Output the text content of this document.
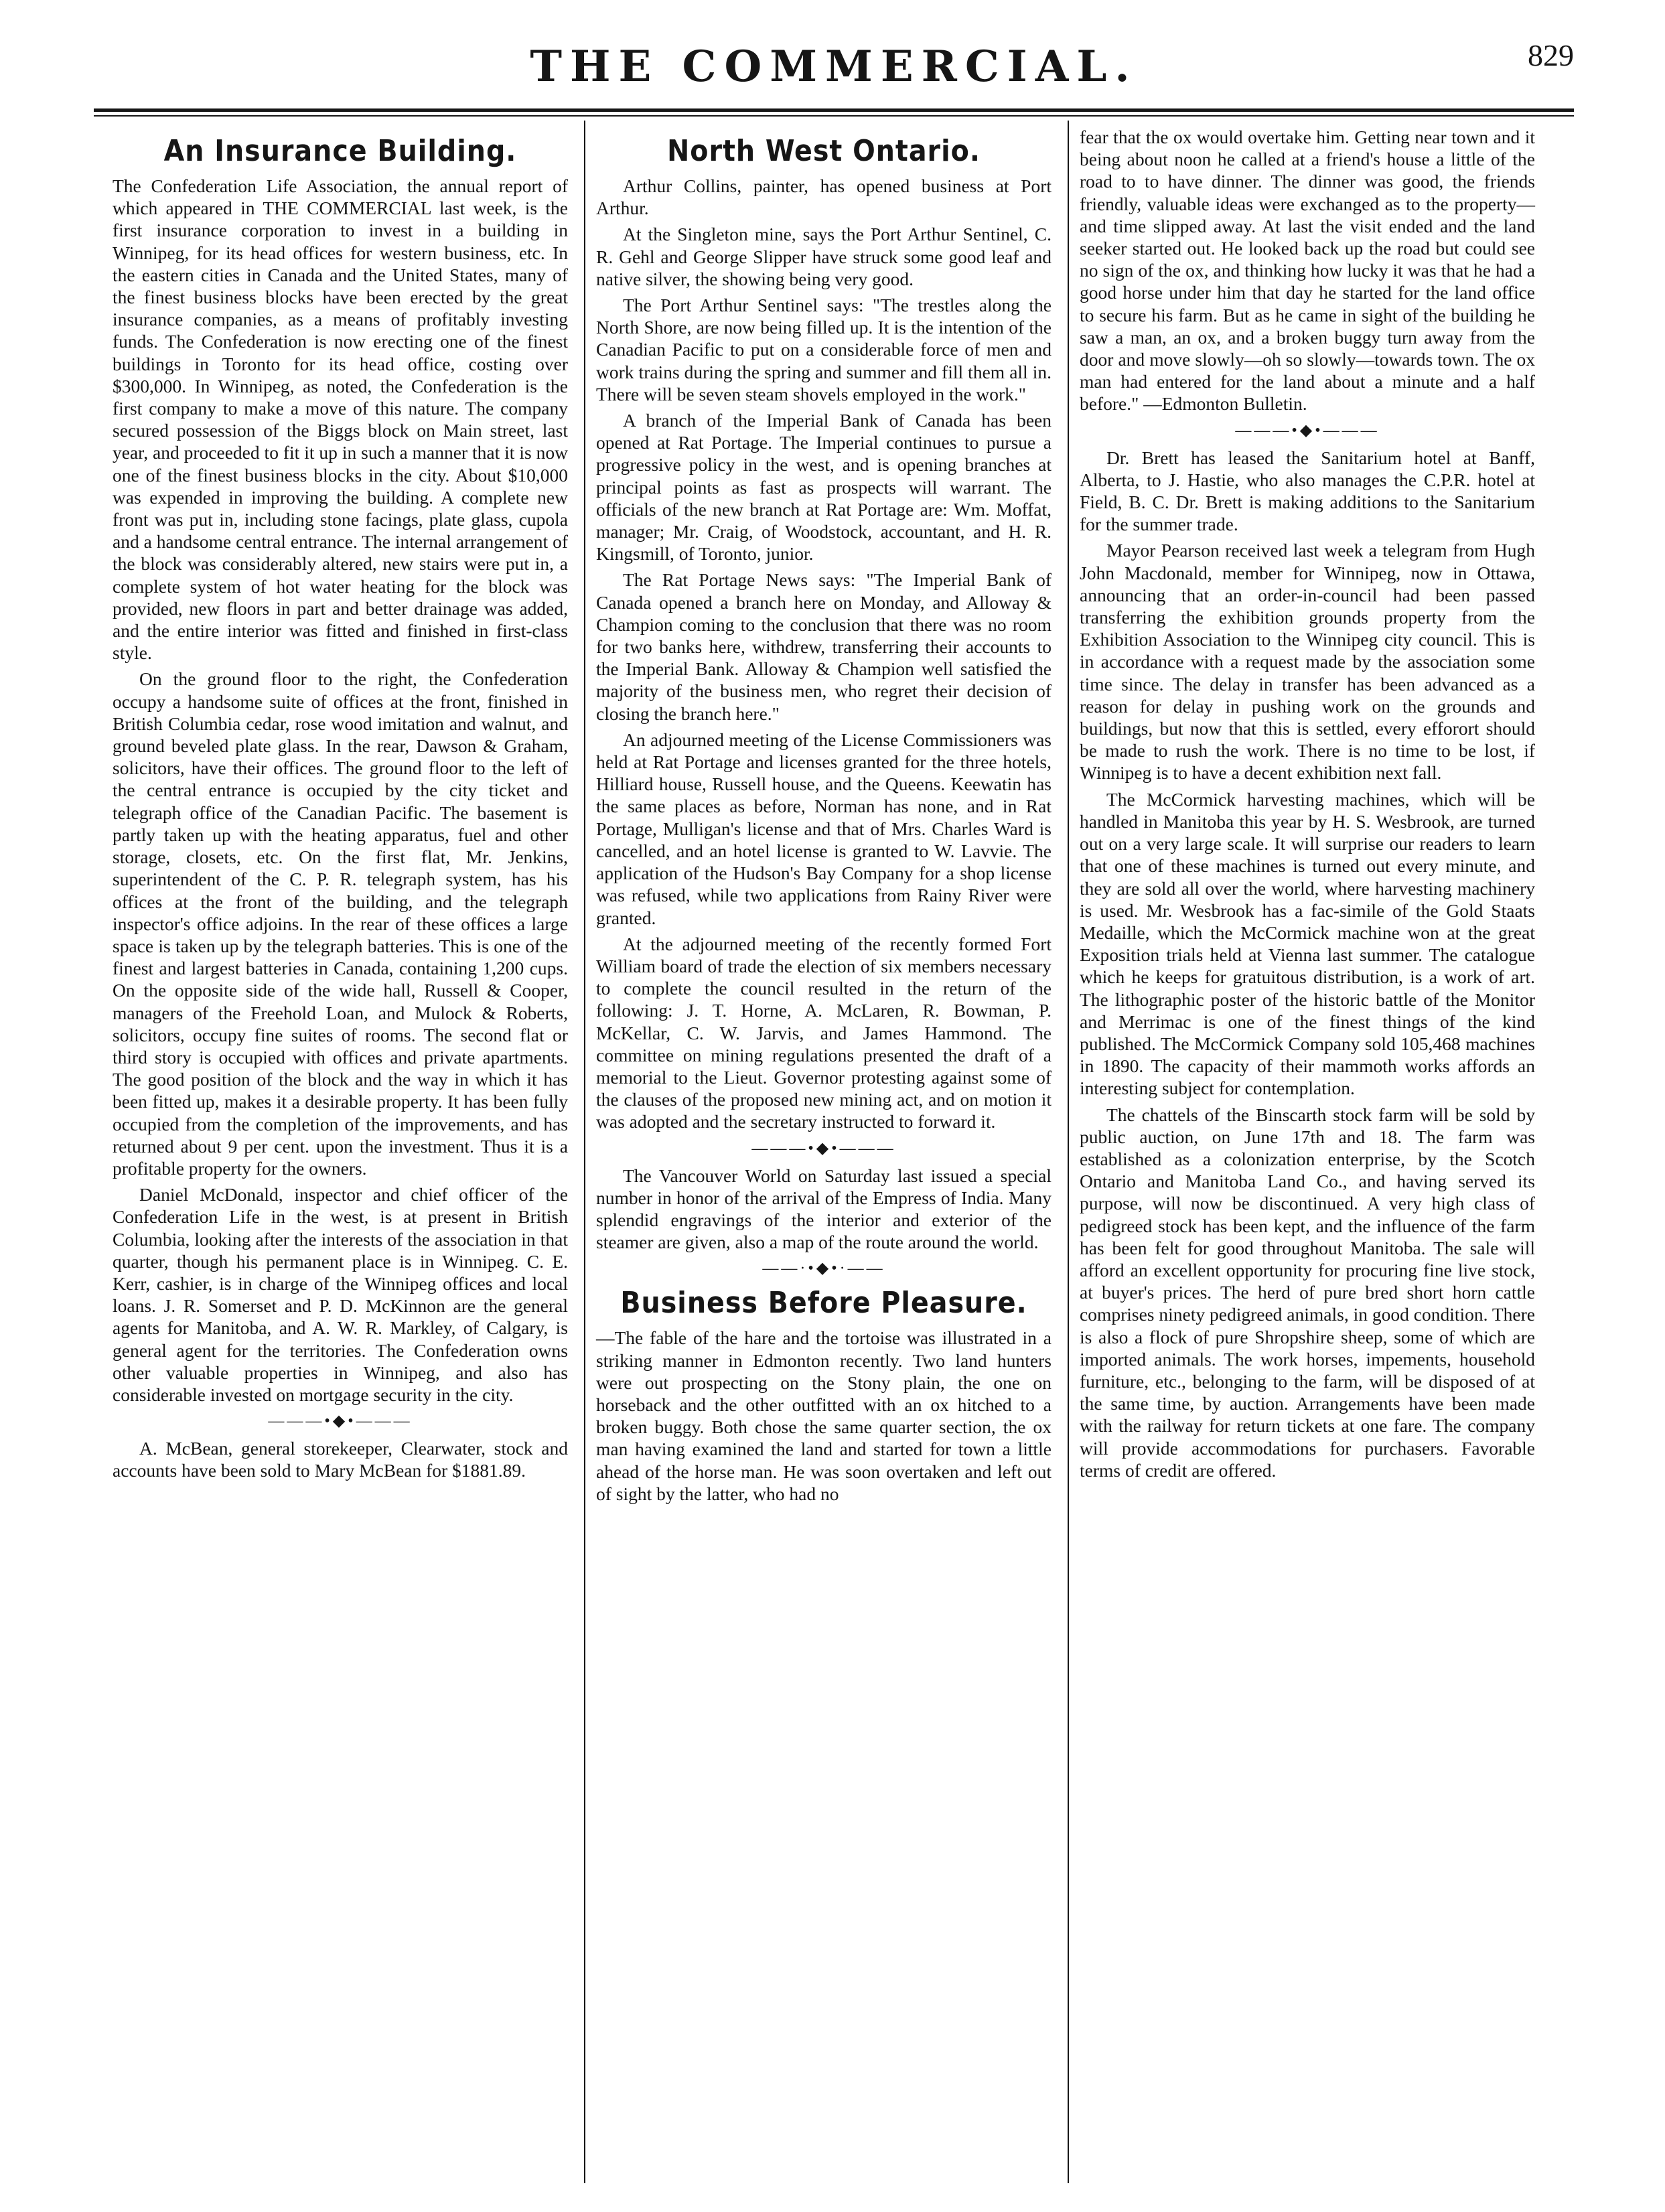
THE COMMERCIAL.	829
An Insurance Building.

The Confederation Life Association, the annual report of which appeared in THE COMMERCIAL last week, is the first insurance corporation to invest in a building in Winnipeg, for its head offices for western business, etc. In the eastern cities in Canada and the United States, many of the finest business blocks have been erected by the great insurance companies, as a means of profitably investing funds. The Confederation is now erecting one of the finest buildings in Toronto for its head office, costing over $300,000. In Winnipeg, as noted, the Confederation is the first company to make a move of this nature. The company secured possession of the Biggs block on Main street, last year, and proceeded to fit it up in such a manner that it is now one of the finest business blocks in the city. About $10,000 was expended in improving the building. A complete new front was put in, including stone facings, plate glass, cupola and a handsome central entrance. The internal arrangement of the block was considerably altered, new stairs were put in, a complete system of hot water heating for the block was provided, new floors in part and better drainage was added, and the entire interior was fitted and finished in first-class style.

On the ground floor to the right, the Confederation occupy a handsome suite of offices at the front, finished in British Columbia cedar, rose wood imitation and walnut, and ground beveled plate glass. In the rear, Dawson & Graham, solicitors, have their offices. The ground floor to the left of the central entrance is occupied by the city ticket and telegraph office of the Canadian Pacific. The basement is partly taken up with the heating apparatus, fuel and other storage, closets, etc. On the first flat, Mr. Jenkins, superintendent of the C. P. R. telegraph system, has his offices at the front of the building, and the telegraph inspector's office adjoins. In the rear of these offices a large space is taken up by the telegraph batteries. This is one of the finest and largest batteries in Canada, containing 1,200 cups. On the opposite side of the wide hall, Russell & Cooper, managers of the Freehold Loan, and Mulock & Roberts, solicitors, occupy fine suites of rooms. The second flat or third story is occupied with offices and private apartments. The good position of the block and the way in which it has been fitted up, makes it a desirable property. It has been fully occupied from the completion of the improvements, and has returned about 9 per cent. upon the investment. Thus it is a profitable property for the owners.

Daniel McDonald, inspector and chief officer of the Confederation Life in the west, is at present in British Columbia, looking after the interests of the association in that quarter, though his permanent place is in Winnipeg. C. E. Kerr, cashier, is in charge of the Winnipeg offices and local loans. J. R. Somerset and P. D. McKinnon are the general agents for Manitoba, and A. W. R. Markley, of Calgary, is general agent for the territories. The Confederation owns other valuable properties in Winnipeg, and also has considerable invested on mortgage security in the city.

———•◆•———

A. McBean, general storekeeper, Clearwater, stock and accounts have been sold to Mary McBean for $1881.89.

North West Ontario.

Arthur Collins, painter, has opened business at Port Arthur.

At the Singleton mine, says the Port Arthur Sentinel, C. R. Gehl and George Slipper have struck some good leaf and native silver, the showing being very good.

The Port Arthur Sentinel says: "The trestles along the North Shore, are now being filled up. It is the intention of the Canadian Pacific to put on a considerable force of men and work trains during the spring and summer and fill them all in. There will be seven steam shovels employed in the work."

A branch of the Imperial Bank of Canada has been opened at Rat Portage. The Imperial continues to pursue a progressive policy in the west, and is opening branches at principal points as fast as prospects will warrant. The officials of the new branch at Rat Portage are: Wm. Moffat, manager; Mr. Craig, of Woodstock, accountant, and H. R. Kingsmill, of Toronto, junior.

The Rat Portage News says: "The Imperial Bank of Canada opened a branch here on Monday, and Alloway & Champion coming to the conclusion that there was no room for two banks here, withdrew, transferring their accounts to the Imperial Bank. Alloway & Champion well satisfied the majority of the business men, who regret their decision of closing the branch here."

An adjourned meeting of the License Commissioners was held at Rat Portage and licenses granted for the three hotels, Hilliard house, Russell house, and the Queens. Keewatin has the same places as before, Norman has none, and in Rat Portage, Mulligan's license and that of Mrs. Charles Ward is cancelled, and an hotel license is granted to W. Lavvie. The application of the Hudson's Bay Company for a shop license was refused, while two applications from Rainy River were granted.

At the adjourned meeting of the recently formed Fort William board of trade the election of six members necessary to complete the council resulted in the return of the following: J. T. Horne, A. McLaren, R. Bowman, P. McKellar, C. W. Jarvis, and James Hammond. The committee on mining regulations presented the draft of a memorial to the Lieut. Governor protesting against some of the clauses of the proposed new mining act, and on motion it was adopted and the secretary instructed to forward it.

———•◆•———

The Vancouver World on Saturday last issued a special number in honor of the arrival of the Empress of India. Many splendid engravings of the interior and exterior of the steamer are given, also a map of the route around the world.

——·•◆•·——
Business Before Pleasure.

—The fable of the hare and the tortoise was illustrated in a striking manner in Edmonton recently. Two land hunters were out prospecting on the Stony plain, the one on horseback and the other outfitted with an ox hitched to a broken buggy. Both chose the same quarter section, the ox man having examined the land and started for town a little ahead of the horse man. He was soon overtaken and left out of sight by the latter, who had no

fear that the ox would overtake him. Getting near town and it being about noon he called at a friend's house a little of the road to to have dinner. The dinner was good, the friends friendly, valuable ideas were exchanged as to the property—and time slipped away. At last the visit ended and the land seeker started out. He looked back up the road but could see no sign of the ox, and thinking how lucky it was that he had a good horse under him that day he started for the land office to secure his farm. But as he came in sight of the building he saw a man, an ox, and a broken buggy turn away from the door and move slowly—oh so slowly—towards town. The ox man had entered for the land about a minute and a half before." —Edmonton Bulletin.

———•◆•———

Dr. Brett has leased the Sanitarium hotel at Banff, Alberta, to J. Hastie, who also manages the C.P.R. hotel at Field, B. C. Dr. Brett is making additions to the Sanitarium for the summer trade.

Mayor Pearson received last week a telegram from Hugh John Macdonald, member for Winnipeg, now in Ottawa, announcing that an order-in-council had been passed transferring the exhibition grounds property from the Exhibition Association to the Winnipeg city council. This is in accordance with a request made by the association some time since. The delay in transfer has been advanced as a reason for delay in pushing work on the grounds and buildings, but now that this is settled, every efforort should be made to rush the work. There is no time to be lost, if Winnipeg is to have a decent exhibition next fall.

The McCormick harvesting machines, which will be handled in Manitoba this year by H. S. Wesbrook, are turned out on a very large scale. It will surprise our readers to learn that one of these machines is turned out every minute, and they are sold all over the world, where harvesting machinery is used. Mr. Wesbrook has a fac-simile of the Gold Staats Medaille, which the McCormick machine won at the great Exposition trials held at Vienna last summer. The catalogue which he keeps for gratuitous distribution, is a work of art. The lithographic poster of the historic battle of the Monitor and Merrimac is one of the finest things of the kind published. The McCormick Company sold 105,468 machines in 1890. The capacity of their mammoth works affords an interesting subject for contemplation.

The chattels of the Binscarth stock farm will be sold by public auction, on June 17th and 18. The farm was established as a colonization enterprise, by the Scotch Ontario and Manitoba Land Co., and having served its purpose, will now be discontinued. A very high class of pedigreed stock has been kept, and the influence of the farm has been felt for good throughout Manitoba. The sale will afford an excellent opportunity for procuring fine live stock, at buyer's prices. The herd of pure bred short horn cattle comprises ninety pedigreed animals, in good condition. There is also a flock of pure Shropshire sheep, some of which are imported animals. The work horses, impements, household furniture, etc., belonging to the farm, will be disposed of at the same time, by auction. Arrangements have been made with the railway for return tickets at one fare. The company will provide accommodations for purchasers. Favorable terms of credit are offered.
